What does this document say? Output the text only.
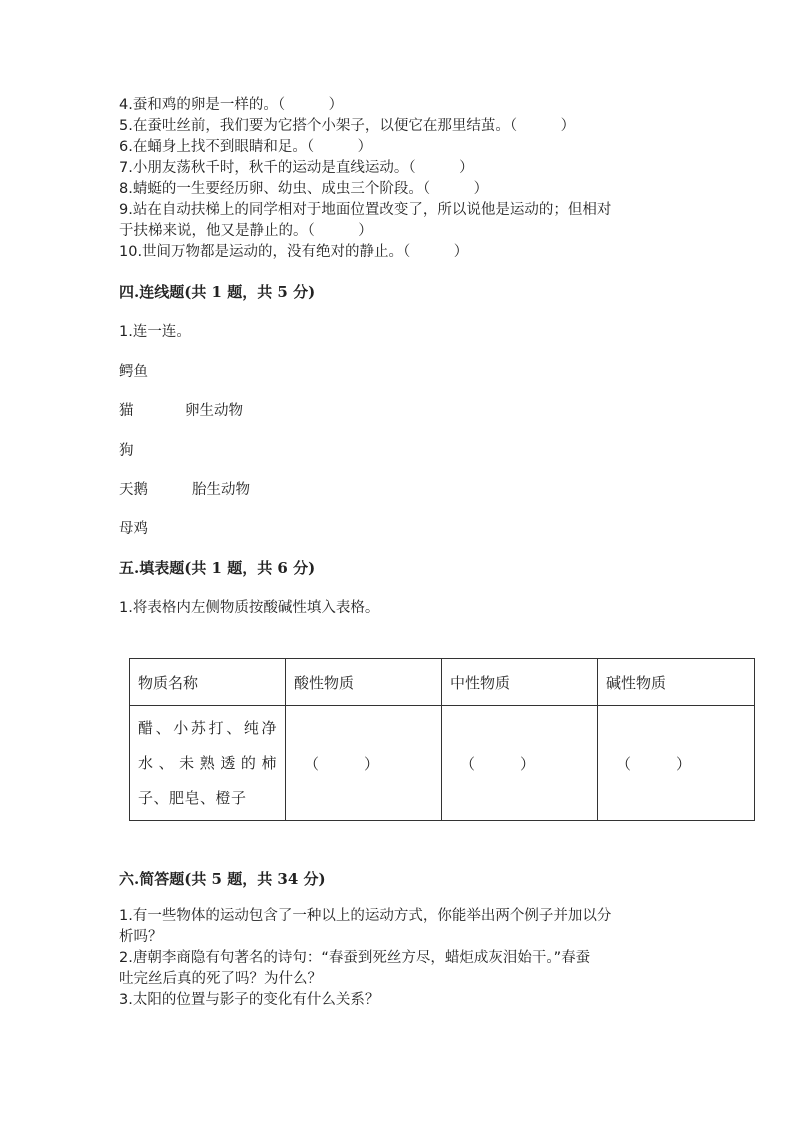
4.蚕和鸡的卵是一样的。（　　　）
5.在蚕吐丝前，我们要为它搭个小架子，以便它在那里结茧。（　　　）
6.在蛹身上找不到眼睛和足。（　　　）
7.小朋友荡秋千时，秋千的运动是直线运动。（　　　）
8.蜻蜓的一生要经历卵、幼虫、成虫三个阶段。（　　　）
9.站在自动扶梯上的同学相对于地面位置改变了，所以说他是运动的；但相对
于扶梯来说，他又是静止的。（　　　）
10.世间万物都是运动的，没有绝对的静止。（　　　）
四.连线题(共 1 题，共 5 分)
1.连一连。
鳄鱼
猫	卵生动物
狗
天鹅	胎生动物
母鸡
五.填表题(共 1 题，共 6 分)
1.将表格内左侧物质按酸碱性填入表格。
物质名称	酸性物质	中性物质	碱性物质
醋、小苏打、纯净水、未熟透的柿子、肥皂、橙子	（　　　）	（　　　）	（　　　）
六.简答题(共 5 题，共 34 分)
1.有一些物体的运动包含了一种以上的运动方式，你能举出两个例子并加以分
析吗？
2.唐朝李商隐有句著名的诗句：“春蚕到死丝方尽，蜡炬成灰泪始干。”春蚕
吐完丝后真的死了吗？为什么？
3.太阳的位置与影子的变化有什么关系？
